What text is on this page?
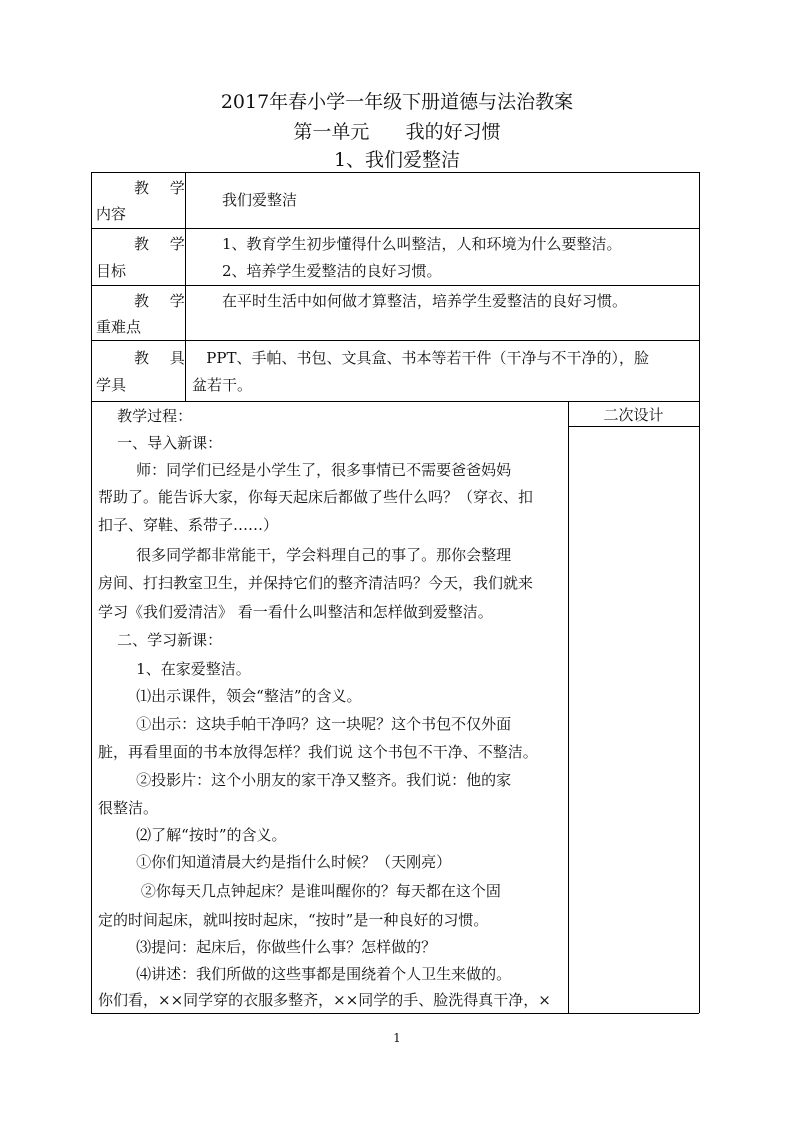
2017年春小学一年级下册道德与法治教案
第一单元      我的好习惯
1、我们爱整洁
教 学
内容
我们爱整洁
教 学
目标
1、教育学生初步懂得什么叫整洁，人和环境为什么要整洁。
2、培养学生爱整洁的良好习惯。
教 学
重难点
在平时生活中如何做才算整洁，培养学生爱整洁的良好习惯。
教 具
学具
PPT、手帕、书包、文具盒、书本等若干件（干净与不干净的），脸
盆若干。
二次设计
教学过程：
一、导入新课：
师：同学们已经是小学生了，很多事情已不需要爸爸妈妈
帮助了。能告诉大家，你每天起床后都做了些什么吗？（穿衣、扣
扣子、穿鞋、系带子……）
很多同学都非常能干，学会料理自己的事了。那你会整理
房间、打扫教室卫生，并保持它们的整齐清洁吗？今天，我们就来
学习《我们爱清洁》 看一看什么叫整洁和怎样做到爱整洁。
二、学习新课：
1、在家爱整洁。
⑴出示课件，领会“整洁”的含义。
①出示：这块手帕干净吗？这一块呢？这个书包不仅外面
脏，再看里面的书本放得怎样？我们说 这个书包不干净、不整洁。
②投影片：这个小朋友的家干净又整齐。我们说：他的家
很整洁。
⑵了解“按时”的含义。
①你们知道清晨大约是指什么时候？（天刚亮）
②你每天几点钟起床？是谁叫醒你的？每天都在这个固
定的时间起床，就叫按时起床，“按时”是一种良好的习惯。
⑶提问：起床后，你做些什么事？怎样做的？
⑷讲述：我们所做的这些事都是围绕着个人卫生来做的。
你们看，××同学穿的衣服多整齐，××同学的手、脸洗得真干净，×
1
